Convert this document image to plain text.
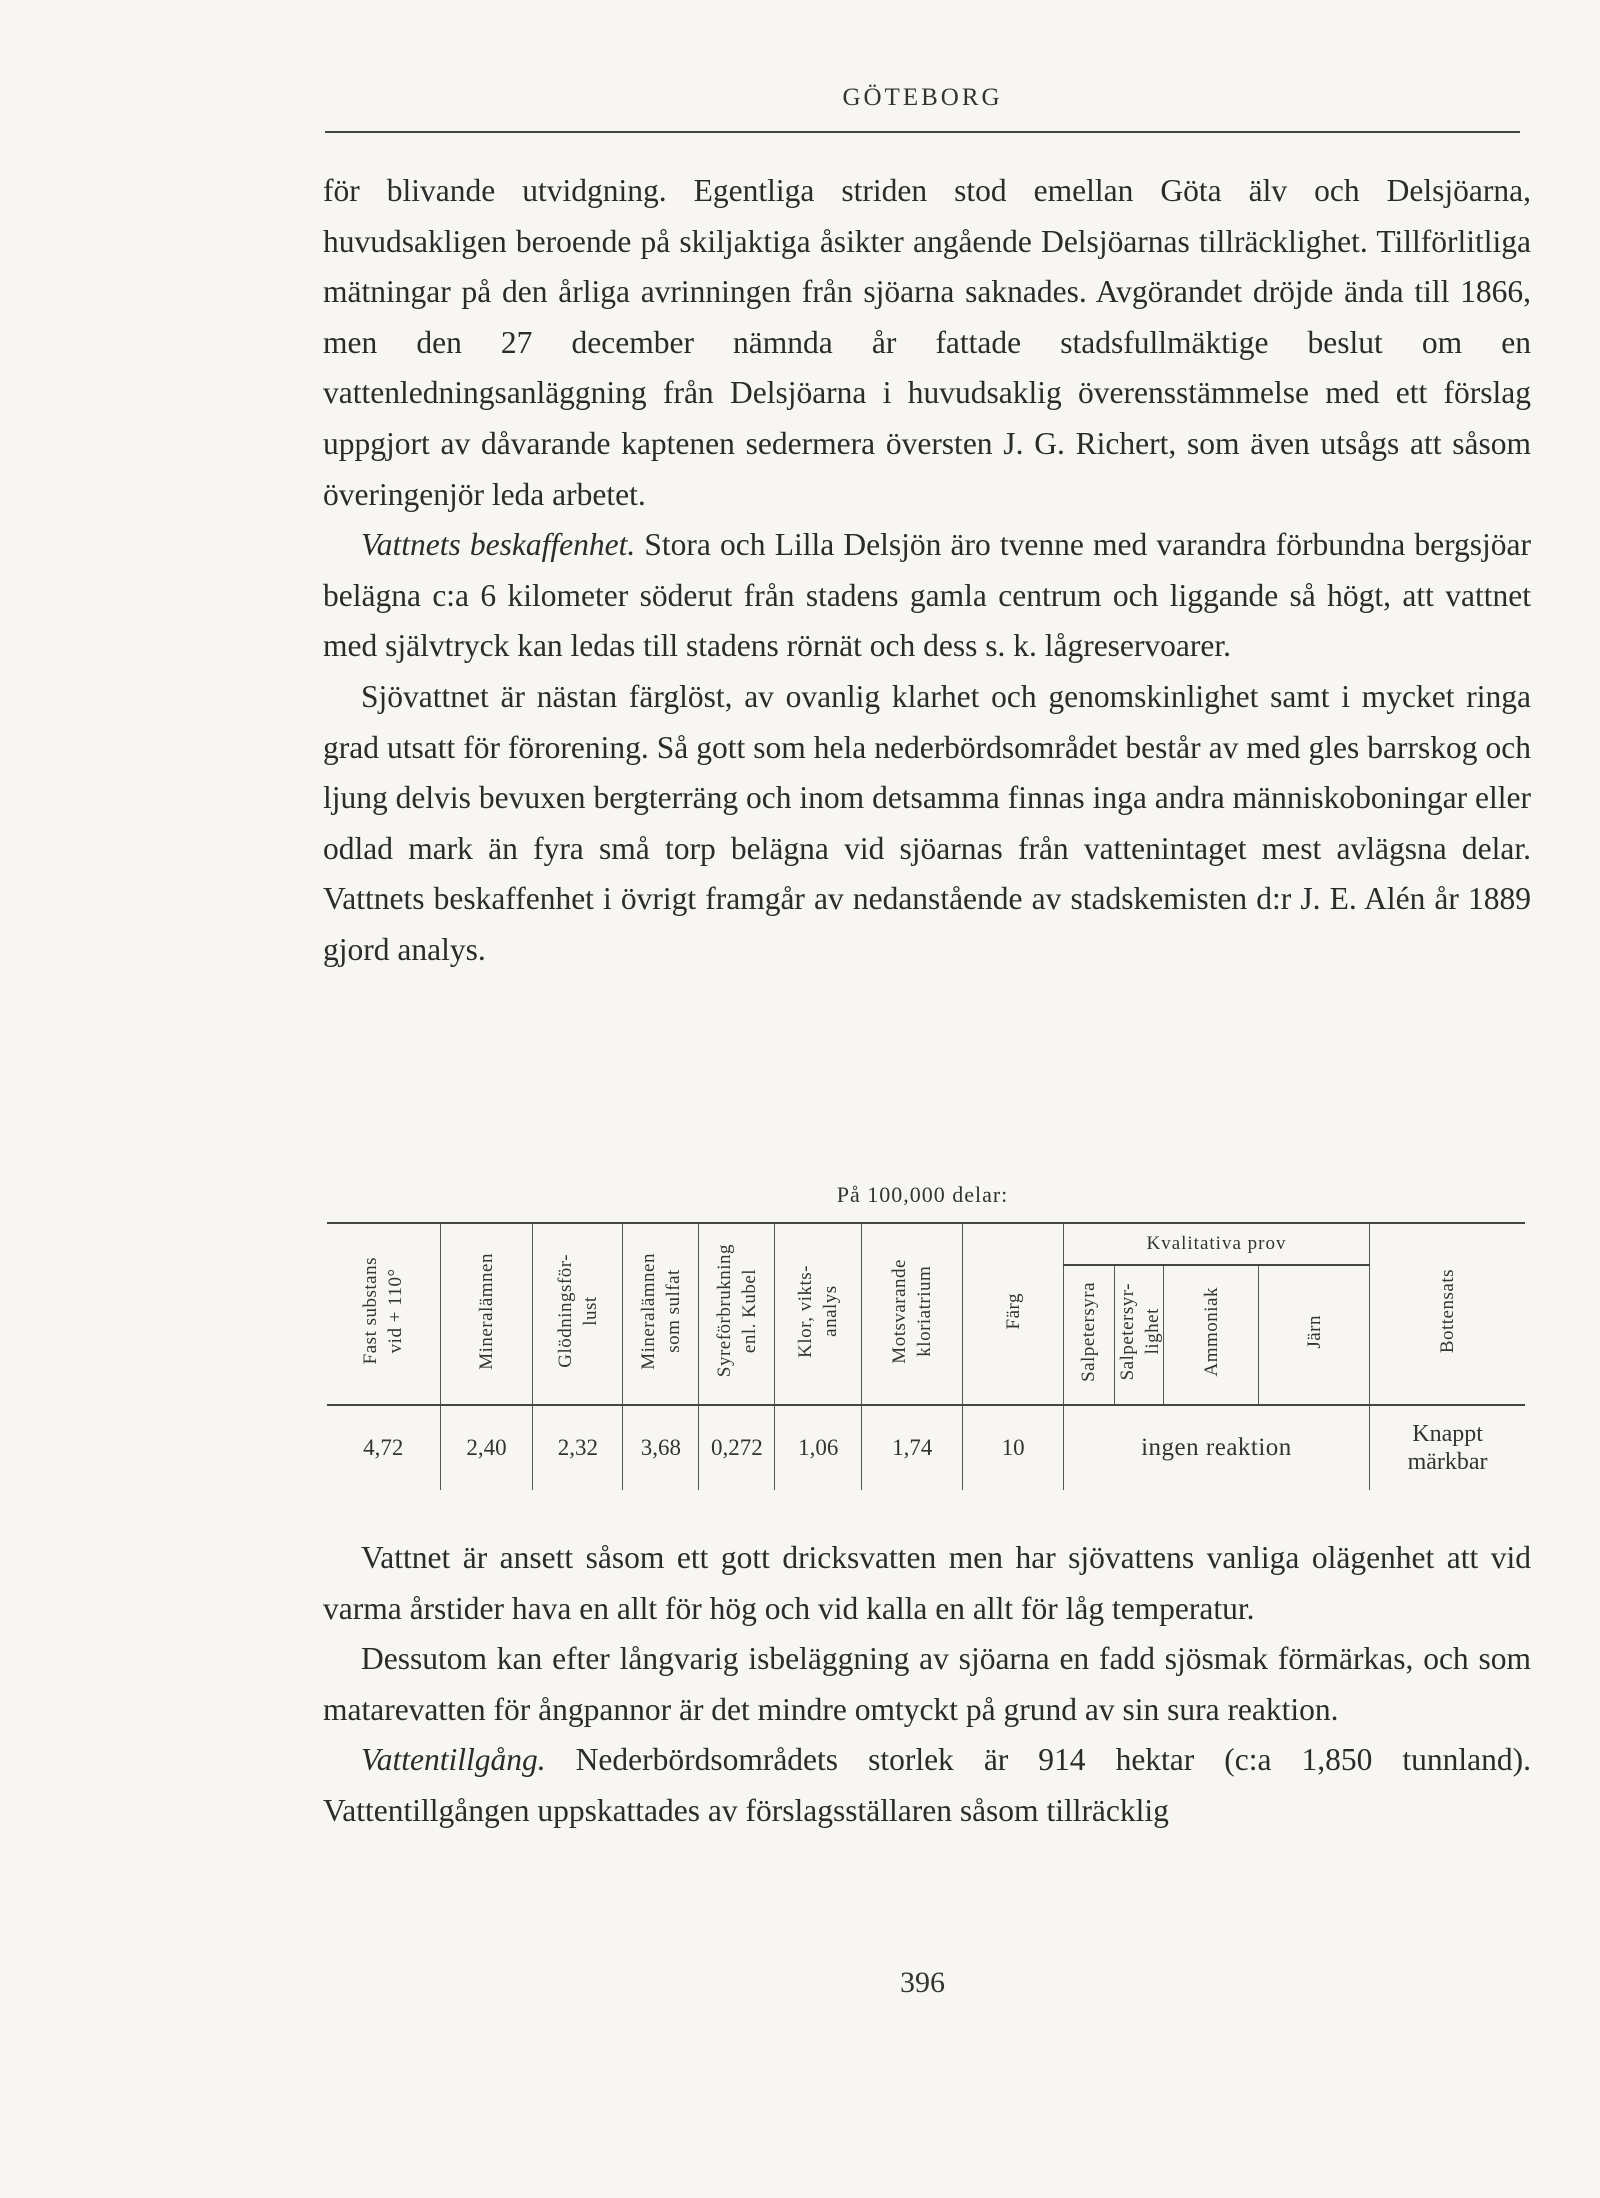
GÖTEBORG

för blivande utvidgning. Egentliga striden stod emellan Göta älv och Delsjöarna, huvudsakligen beroende på skiljaktiga åsikter angående Delsjöarnas tillräcklighet. Tillförlitliga mätningar på den årliga avrinningen från sjöarna saknades. Avgörandet dröjde ända till 1866, men den 27 december nämnda år fattade stadsfullmäktige beslut om en vattenledningsanläggning från Delsjöarna i huvudsaklig överensstämmelse med ett förslag uppgjort av dåvarande kaptenen sedermera översten J. G. Richert, som även utsågs att såsom överingenjör leda arbetet.

Vattnets beskaffenhet. Stora och Lilla Delsjön äro tvenne med varandra förbundna bergsjöar belägna c:a 6 kilometer söderut från stadens gamla centrum och liggande så högt, att vattnet med självtryck kan ledas till stadens rörnät och dess s. k. lågreservoarer.

Sjövattnet är nästan färglöst, av ovanlig klarhet och genomskinlighet samt i mycket ringa grad utsatt för förorening. Så gott som hela nederbördsområdet består av med gles barrskog och ljung delvis bevuxen bergterräng och inom detsamma finnas inga andra människoboningar eller odlad mark än fyra små torp belägna vid sjöarnas från vattenintaget mest avlägsna delar. Vattnets beskaffenhet i övrigt framgår av nedanstående av stadskemisten d:r J. E. Alén år 1889 gjord analys.

På 100,000 delar:
Fast substans vid + 110°	Mineralämnen	Glödningsför- lust	Mineralämnen som sulfat	Syreförbrukning enl. Kubel	Klor, vikts- analys	Motsvarande kloriatrium	Färg	Kvalitativa prov				Bottensats
								Salpetersyra	Salpetersyr- lighet	Ammoniak	Järn	
4,72	2,40	2,32	3,68	0,272	1,06	1,74	10	ingen reaktion				Knappt
märkbar

Vattnet är ansett såsom ett gott dricksvatten men har sjövattens vanliga olägenhet att vid varma årstider hava en allt för hög och vid kalla en allt för låg temperatur.

Dessutom kan efter långvarig isbeläggning av sjöarna en fadd sjösmak förmärkas, och som matarevatten för ångpannor är det mindre omtyckt på grund av sin sura reaktion.

Vattentillgång. Nederbördsområdets storlek är 914 hektar (c:a 1,850 tunnland). Vattentillgången uppskattades av förslagsställaren såsom tillräcklig

396
